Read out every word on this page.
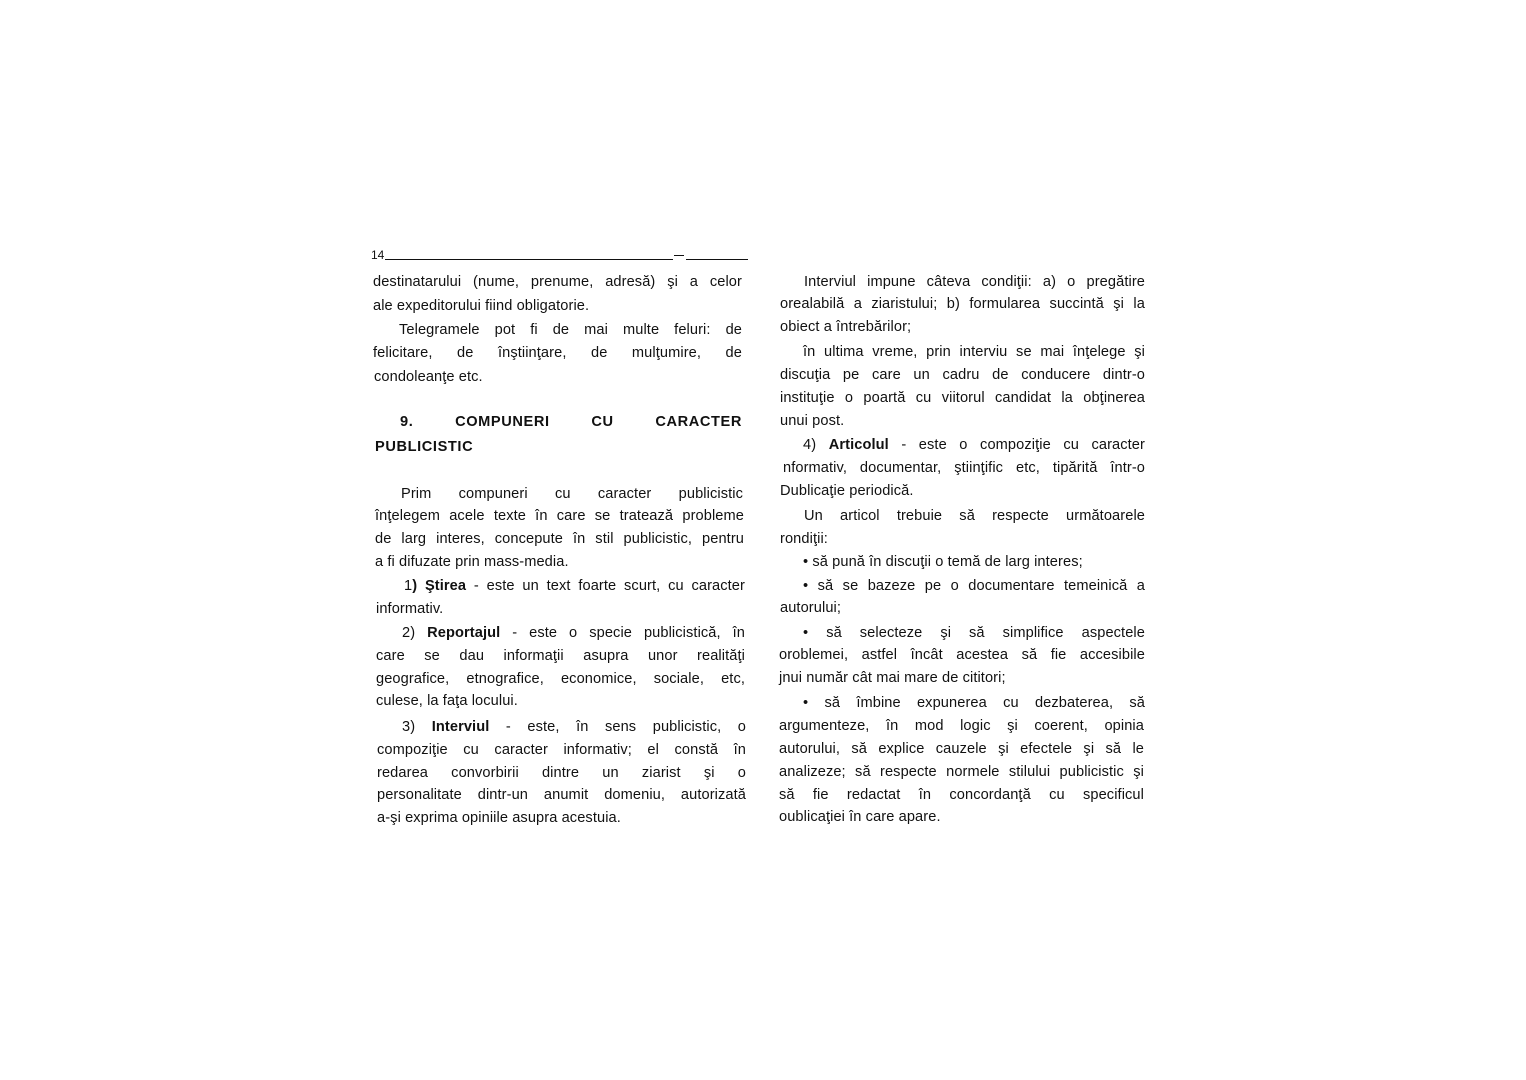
14
destinatarului (nume, prenume, adresă) şi a celor
ale expeditorului fiind obligatorie.
Telegramele pot fi de mai multe feluri: de
felicitare, de înştiinţare, de mulţumire, de
condoleanţe etc.
9.	COMPUNERI	CU	CARACTER
PUBLICISTIC
Prim compuneri cu caracter publicistic
înţelegem acele texte în care se tratează probleme
de larg interes, concepute în stil publicistic, pentru
a fi difuzate prin mass-media.
1) Ştirea - este un text foarte scurt, cu caracter
informativ.
2) Reportajul - este o specie publicistică, în
care se dau informaţii asupra unor realităţi
geografice, etnografice, economice, sociale, etc,
culese, la faţa locului.
3) Interviul - este, în sens publicistic, o
compoziţie cu caracter informativ; el constă în
redarea convorbirii dintre un ziarist şi o
personalitate dintr-un anumit domeniu, autorizată
a-şi exprima opiniile asupra acestuia.
Interviul impune câteva condiţii: a) o pregătire
orealabilă a ziaristului; b) formularea succintă şi la
obiect a întrebărilor;
în ultima vreme, prin interviu se mai înţelege şi
discuţia pe care un cadru de conducere dintr-o
instituţie o poartă cu viitorul candidat la obţinerea
unui post.
4) Articolul - este o compoziţie cu caracter
nformativ, documentar, ştiinţific etc, tipărită într-o
Dublicaţie periodică.
Un articol trebuie să respecte următoarele
rondiţii:
• să pună în discuţii o temă de larg interes;
• să se bazeze pe o documentare temeinică a
autorului;
• să selecteze şi să simplifice aspectele
oroblemei, astfel încât acestea să fie accesibile
jnui număr cât mai mare de cititori;
• să îmbine expunerea cu dezbaterea, să
argumenteze, în mod logic şi coerent, opinia
autorului, să explice cauzele şi efectele şi să le
analizeze; să respecte normele stilului publicistic şi
să fie redactat în concordanţă cu specificul
oublicaţiei în care apare.
